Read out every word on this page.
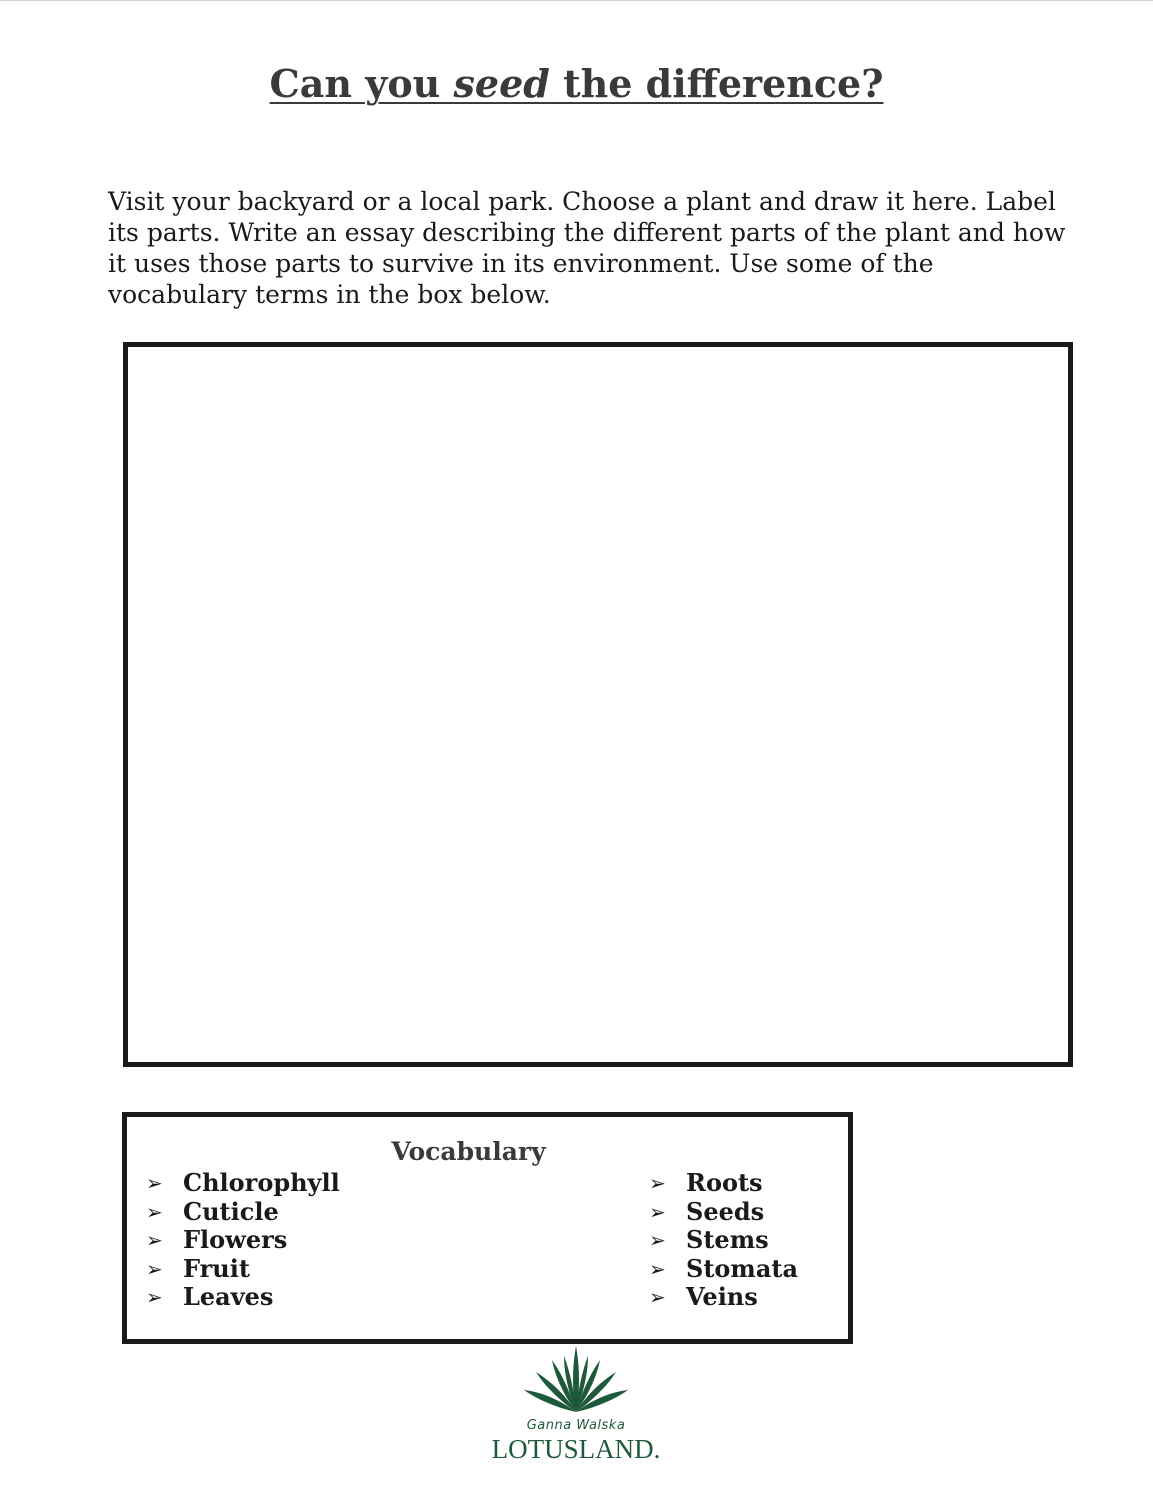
Can you seed the difference?
Visit your backyard or a local park. Choose a plant and draw it here. Label its parts. Write an essay describing the different parts of the plant and how it uses those parts to survive in its environment. Use some of the vocabulary terms in the box below.
Vocabulary
➢ Chlorophyll
➢ Cuticle
➢ Flowers
➢ Fruit
➢ Leaves
➢ Roots
➢ Seeds
➢ Stems
➢ Stomata
➢ Veins
Ganna Walska
LOTUSLAND.
